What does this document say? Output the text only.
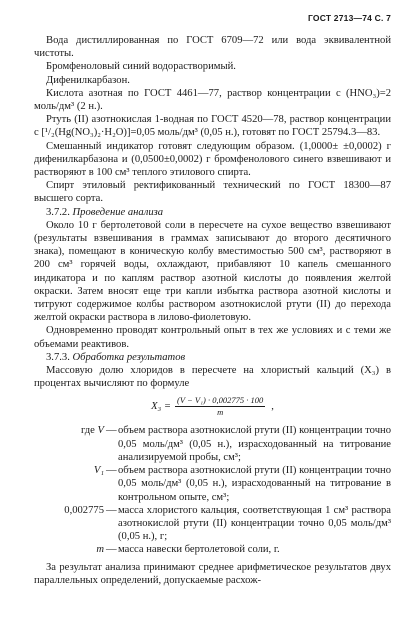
ГОСТ 2713—74 С. 7

Вода дистиллированная по ГОСТ 6709—72 или вода эквивалентной чистоты.

Бромфеноловый синий водорастворимый.

Дифенилкарбазон.

Кислота азотная по ГОСТ 4461—77, раствор концентрации c (HNO₃)=2 моль/дм³ (2 н.).

Ртуть (II) азотнокислая 1-водная по ГОСТ 4520—78, раствор концентрации c [¹/₂(Hg(NO₃)₂·H₂O)]=0,05 моль/дм³ (0,05 н.), готовят по ГОСТ 25794.3—83.

Смешанный индикатор готовят следующим образом. (1,0000± ±0,0002) г дифенилкарбазона и (0,0500±0,0002) г бромфенолового синего взвешивают и растворяют в 100 см³ теплого этилового спирта.

Спирт этиловый ректификованный технический по ГОСТ 18300—87 высшего сорта.

3.7.2. Проведение анализа

Около 10 г бертолетовой соли в пересчете на сухое вещество взвешивают (результаты взвешивания в граммах записывают до второго десятичного знака), помещают в коническую колбу вместимостью 500 см³, растворяют в 200 см³ горячей воды, охлаждают, прибавляют 10 капель смешанного индикатора и по каплям раствор азотной кислоты до появления желтой окраски. Затем вносят еще три капли избытка раствора азотной кислоты и титруют содержимое колбы раствором азотнокислой ртути (II) до перехода желтой окраски раствора в лилово-фиолетовую.

Одновременно проводят контрольный опыт в тех же условиях и с теми же объемами реактивов.

3.7.3. Обработка результатов

Массовую долю хлоридов в пересчете на хлористый кальций (X₃) в процентах вычисляют по формуле

$X_3 = \frac{\text{(V − V₁) · 0,002775 · 100}}{m}$ ,
где V — объем раствора азотнокислой ртути (II) концентрации точно 0,05 моль/дм³ (0,05 н.), израсходованный на титрование анализируемой пробы, см³;
V₁ — объем раствора азотнокислой ртути (II) концентрации точно 0,05 моль/дм³ (0,05 н.), израсходованный на титрование в контрольном опыте, см³;
0,002775 — масса хлористого кальция, соответствующая 1 см³ раствора азотнокислой ртути (II) концентрации точно 0,05 моль/дм³ (0,05 н.), г;
m — масса навески бертолетовой соли, г.

За результат анализа принимают среднее арифметическое результатов двух параллельных определений, допускаемые расхож-
